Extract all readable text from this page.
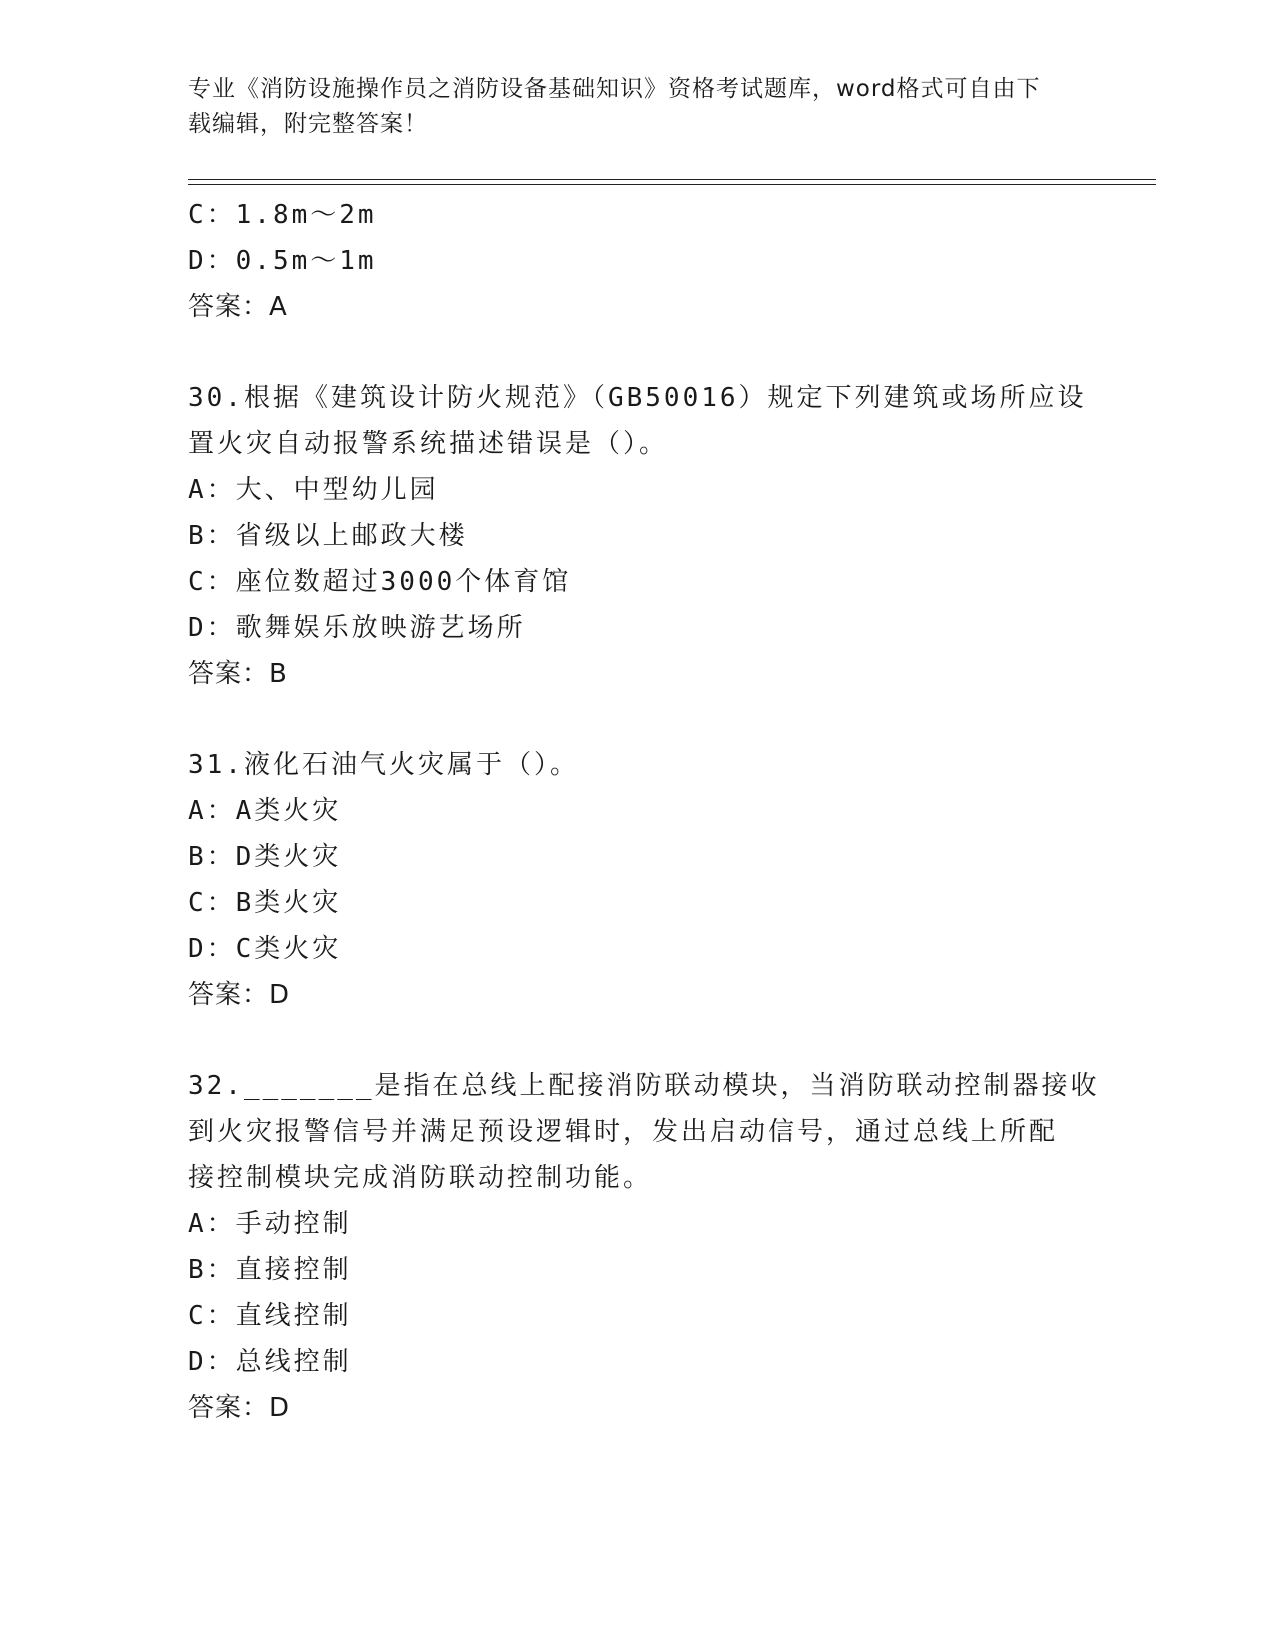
专业《消防设施操作员之消防设备基础知识》资格考试题库，word格式可自由下
载编辑，附完整答案！
C：1.8m～2m
D：0.5m～1m
答案：A
30.根据《建筑设计防火规范》（GB50016）规定下列建筑或场所应设
置火灾自动报警系统描述错误是（）。
A：大、中型幼儿园
B：省级以上邮政大楼
C：座位数超过3000个体育馆
D：歌舞娱乐放映游艺场所
答案：B
31.液化石油气火灾属于（）。
A：A类火灾
B：D类火灾
C：B类火灾
D：C类火灾
答案：D
32._______是指在总线上配接消防联动模块，当消防联动控制器接收
到火灾报警信号并满足预设逻辑时，发出启动信号，通过总线上所配
接控制模块完成消防联动控制功能。
A：手动控制
B：直接控制
C：直线控制
D：总线控制
答案：D
